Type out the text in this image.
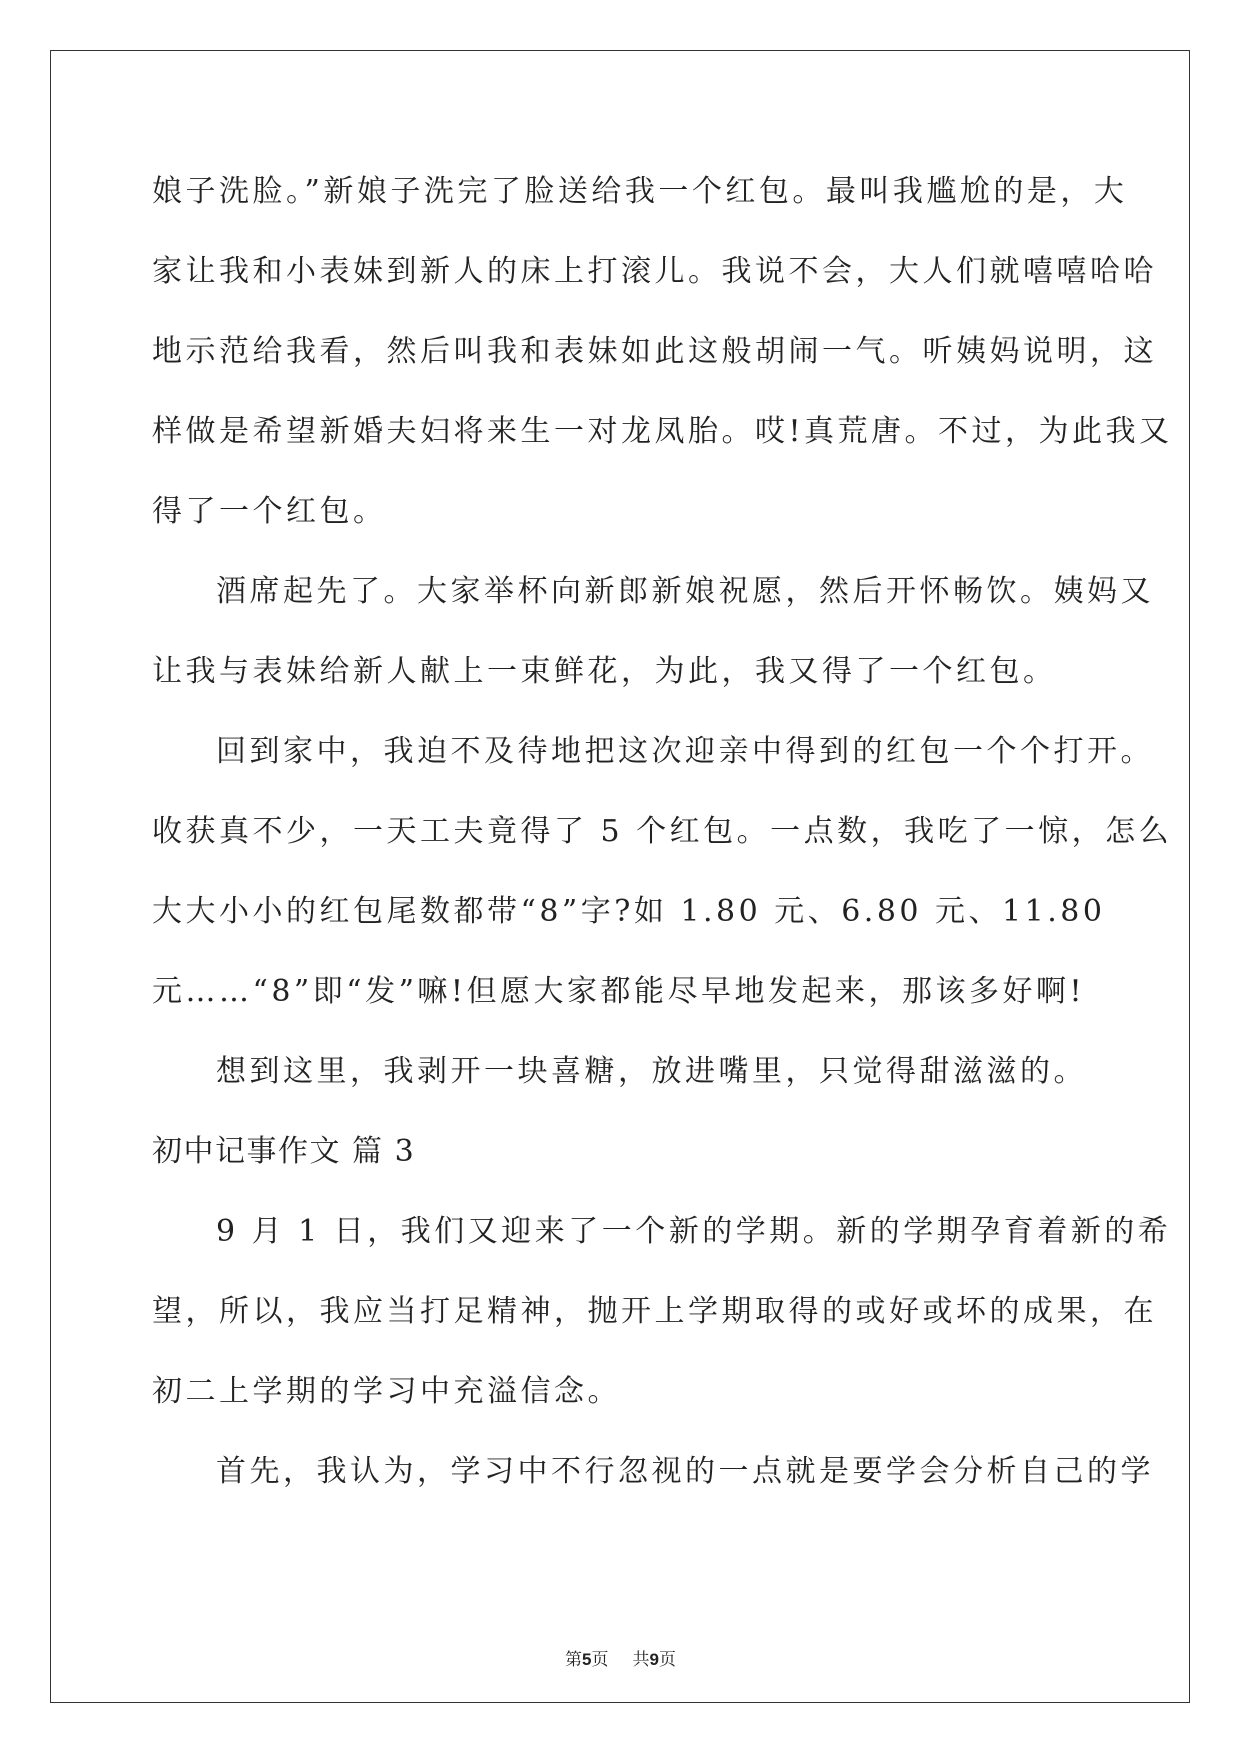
娘子洗脸。”新娘子洗完了脸送给我一个红包。最叫我尴尬的是，大
家让我和小表妹到新人的床上打滚儿。我说不会，大人们就嘻嘻哈哈
地示范给我看，然后叫我和表妹如此这般胡闹一气。听姨妈说明，这
样做是希望新婚夫妇将来生一对龙凤胎。哎!真荒唐。不过，为此我又
得了一个红包。
酒席起先了。大家举杯向新郎新娘祝愿，然后开怀畅饮。姨妈又
让我与表妹给新人献上一束鲜花，为此，我又得了一个红包。
回到家中，我迫不及待地把这次迎亲中得到的红包一个个打开。
收获真不少，一天工夫竟得了 5 个红包。一点数，我吃了一惊，怎么
大大小小的红包尾数都带“8”字?如 1.80 元、6.80 元、11.80
元……“8”即“发”嘛!但愿大家都能尽早地发起来，那该多好啊!
想到这里，我剥开一块喜糖，放进嘴里，只觉得甜滋滋的。
初中记事作文 篇 3
9 月 1 日，我们又迎来了一个新的学期。新的学期孕育着新的希
望，所以，我应当打足精神，抛开上学期取得的或好或坏的成果，在
初二上学期的学习中充溢信念。
首先，我认为，学习中不行忽视的一点就是要学会分析自己的学
第5页 共9页
